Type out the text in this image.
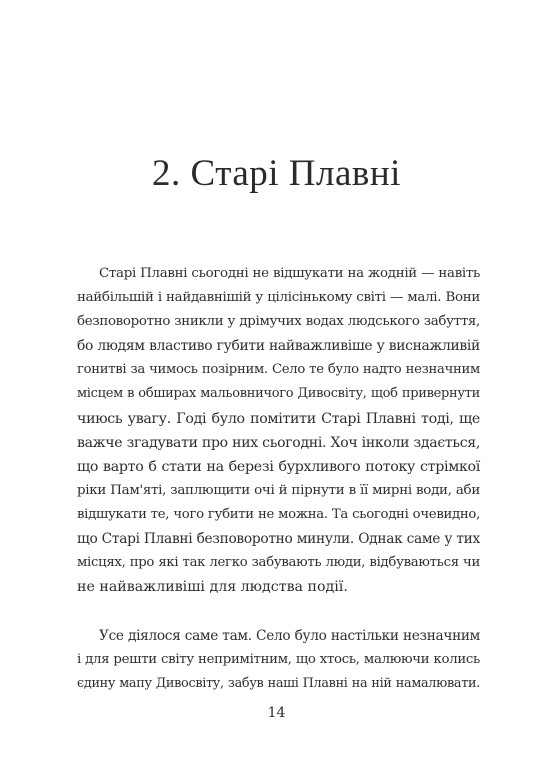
2. Старі Плавні

Старі Плавні сьогодні не відшукати на жодній — навіть
найбільшій і найдавнішій у цілісінькому світі — малі. Вони
безповоротно зникли у дрімучих водах людського забуття,
бо людям властиво губити найважливіше у виснажливій
гонитві за чимось позірним. Село те було надто незначним
місцем в обширах мальовничого Дивосвіту, щоб привернути
чиюсь увагу. Годі було помітити Старі Плавні тоді, ще
важче згадувати про них сьогодні. Хоч інколи здається,
що варто б стати на березі бурхливого потоку стрімкої
ріки Пам'яті, заплющити очі й пірнути в її мирні води, аби
відшукати те, чого губити не можна. Та сьогодні очевидно,
що Старі Плавні безповоротно минули. Однак саме у тих
місцях, про які так легко забувають люди, відбуваються чи
не найважливіші для людства події.

Усе діялося саме там. Село було настільки незначним
і для решти світу непримітним, що хтось, малюючи колись
єдину мапу Дивосвіту, забув наші Плавні на ній намалювати.

14
